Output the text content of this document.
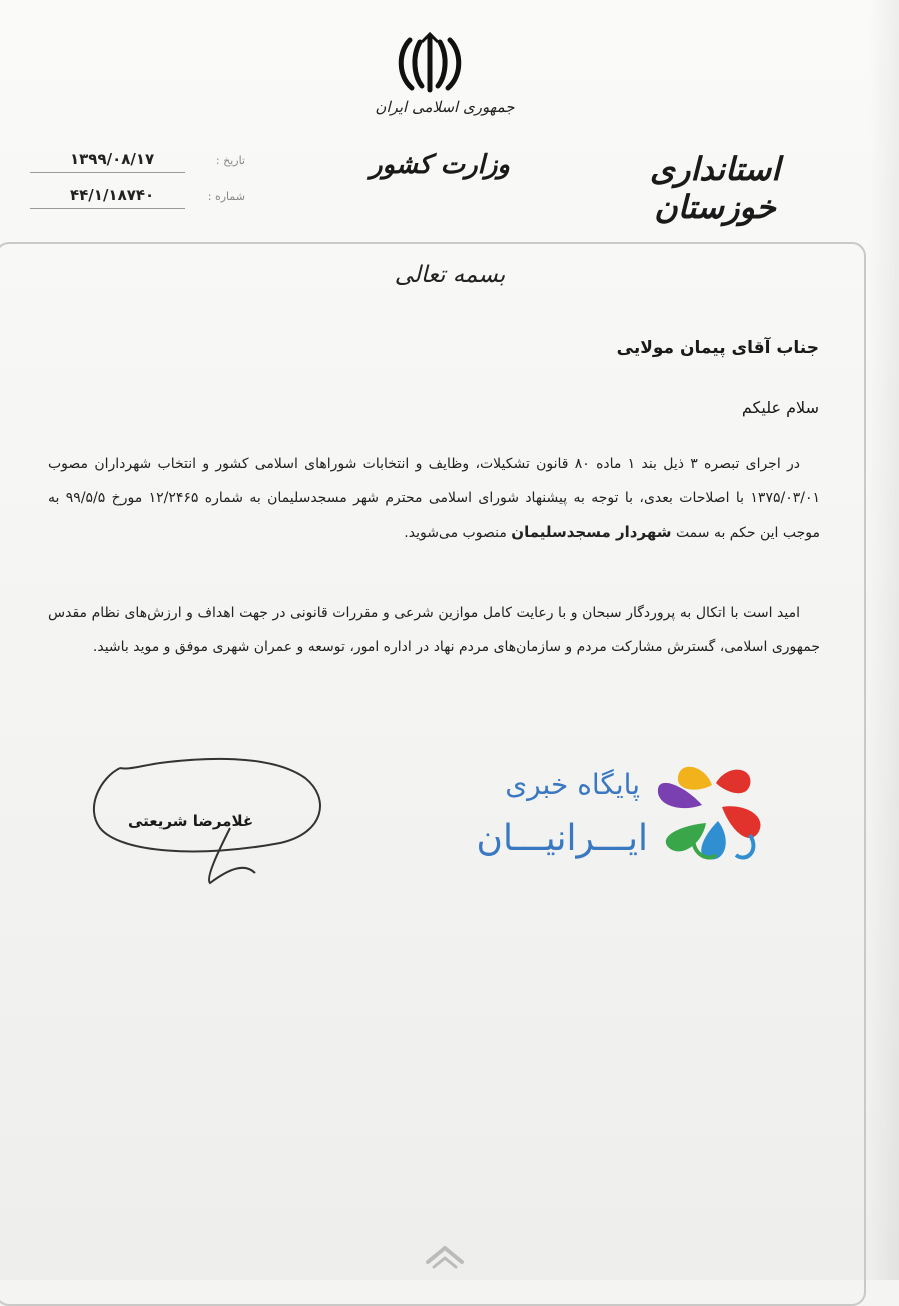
جمهوری اسلامی ایران
وزارت کشور	استانداری خوزستان
تاریخ :
۱۳۹۹/۰۸/۱۷
شماره :
۴۴/۱/۱۸۷۴۰
بسمه تعالی
جناب آقای پیمان مولایی
سلام علیکم
در اجرای تبصره ۳ ذیل بند ۱ ماده ۸۰ قانون تشکیلات، وظایف و انتخابات شوراهای اسلامی کشور و انتخاب شهرداران مصوب ۱۳۷۵/۰۳/۰۱ با اصلاحات بعدی، با توجه به پیشنهاد شورای اسلامی محترم شهر مسجدسلیمان به شماره ۱۲/۲۴۶۵ مورخ ۹۹/۵/۵ به موجب این حکم به سمت شهردار مسجدسلیمان منصوب می‌شوید.
امید است با اتکال به پروردگار سبحان و با رعایت کامل موازین شرعی و مقررات قانونی در جهت اهداف و ارزش‌های نظام مقدس جمهوری اسلامی، گسترش مشارکت مردم و سازمان‌های مردم نهاد در اداره امور، توسعه و عمران شهری موفق و موید باشید.
غلامرضا شریعتی
پایگاه خبری
ایـــرانیـــان
